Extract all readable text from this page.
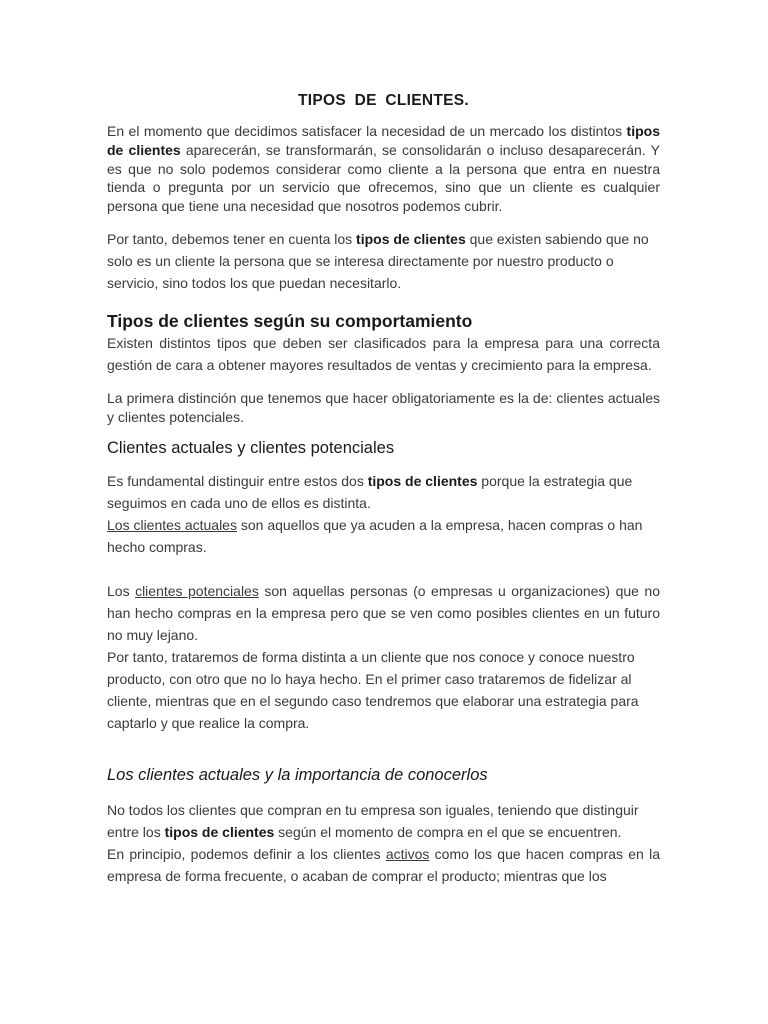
TIPOS DE CLIENTES.

En el momento que decidimos satisfacer la necesidad de un mercado los distintos tipos de clientes aparecerán, se transformarán, se consolidarán o incluso desaparecerán. Y es que no solo podemos considerar como cliente a la persona que entra en nuestra tienda o pregunta por un servicio que ofrecemos, sino que un cliente es cualquier persona que tiene una necesidad que nosotros podemos cubrir.

Por tanto, debemos tener en cuenta los tipos de clientes que existen sabiendo que no solo es un cliente la persona que se interesa directamente por nuestro producto o servicio, sino todos los que puedan necesitarlo.

Tipos de clientes según su comportamiento

Existen distintos tipos que deben ser clasificados para la empresa para una correcta gestión de cara a obtener mayores resultados de ventas y crecimiento para la empresa.

La primera distinción que tenemos que hacer obligatoriamente es la de: clientes actuales y clientes potenciales.

Clientes actuales y clientes potenciales

Es fundamental distinguir entre estos dos tipos de clientes porque la estrategia que seguimos en cada uno de ellos es distinta.

Los clientes actuales son aquellos que ya acuden a la empresa, hacen compras o han hecho compras.

Los clientes potenciales son aquellas personas (o empresas u organizaciones) que no han hecho compras en la empresa pero que se ven como posibles clientes en un futuro no muy lejano.

Por tanto, trataremos de forma distinta a un cliente que nos conoce y conoce nuestro producto, con otro que no lo haya hecho. En el primer caso trataremos de fidelizar al cliente, mientras que en el segundo caso tendremos que elaborar una estrategia para captarlo y que realice la compra.

Los clientes actuales y la importancia de conocerlos

No todos los clientes que compran en tu empresa son iguales, teniendo que distinguir entre los tipos de clientes según el momento de compra en el que se encuentren.

En principio, podemos definir a los clientes activos como los que hacen compras en la empresa de forma frecuente, o acaban de comprar el producto; mientras que los
